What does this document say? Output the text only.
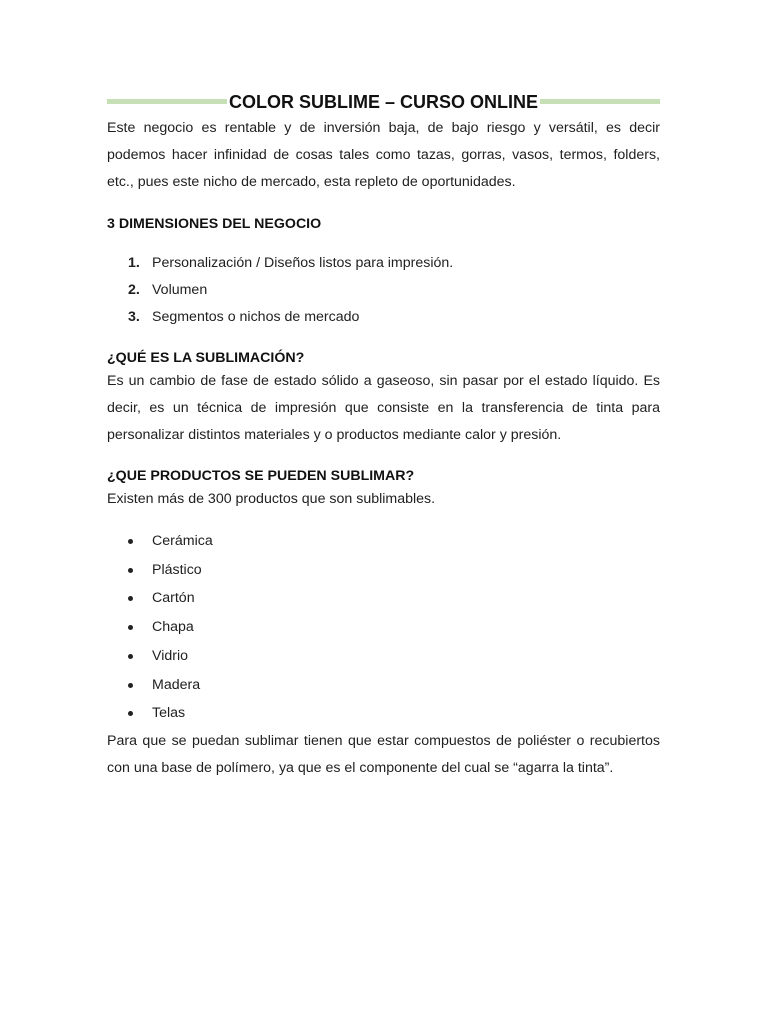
COLOR SUBLIME – CURSO ONLINE

Este negocio es rentable y de inversión baja, de bajo riesgo y versátil, es decir podemos hacer infinidad de cosas tales como tazas, gorras, vasos, termos, folders, etc., pues este nicho de mercado, esta repleto de oportunidades.

3 DIMENSIONES DEL NEGOCIO
1. Personalización / Diseños listos para impresión.
2. Volumen
3. Segmentos o nichos de mercado
¿QUÉ ES LA SUBLIMACIÓN?

Es un cambio de fase de estado sólido a gaseoso, sin pasar por el estado líquido. Es decir, es un técnica de impresión que consiste en la transferencia de tinta para personalizar distintos materiales y o productos mediante calor y presión.

¿QUE PRODUCTOS SE PUEDEN SUBLIMAR?

Existen más de 300 productos que son sublimables.

Cerámica
Plástico
Cartón
Chapa
Vidrio
Madera
Telas

Para que se puedan sublimar tienen que estar compuestos de poliéster o recubiertos con una base de polímero, ya que es el componente del cual se “agarra la tinta”.
